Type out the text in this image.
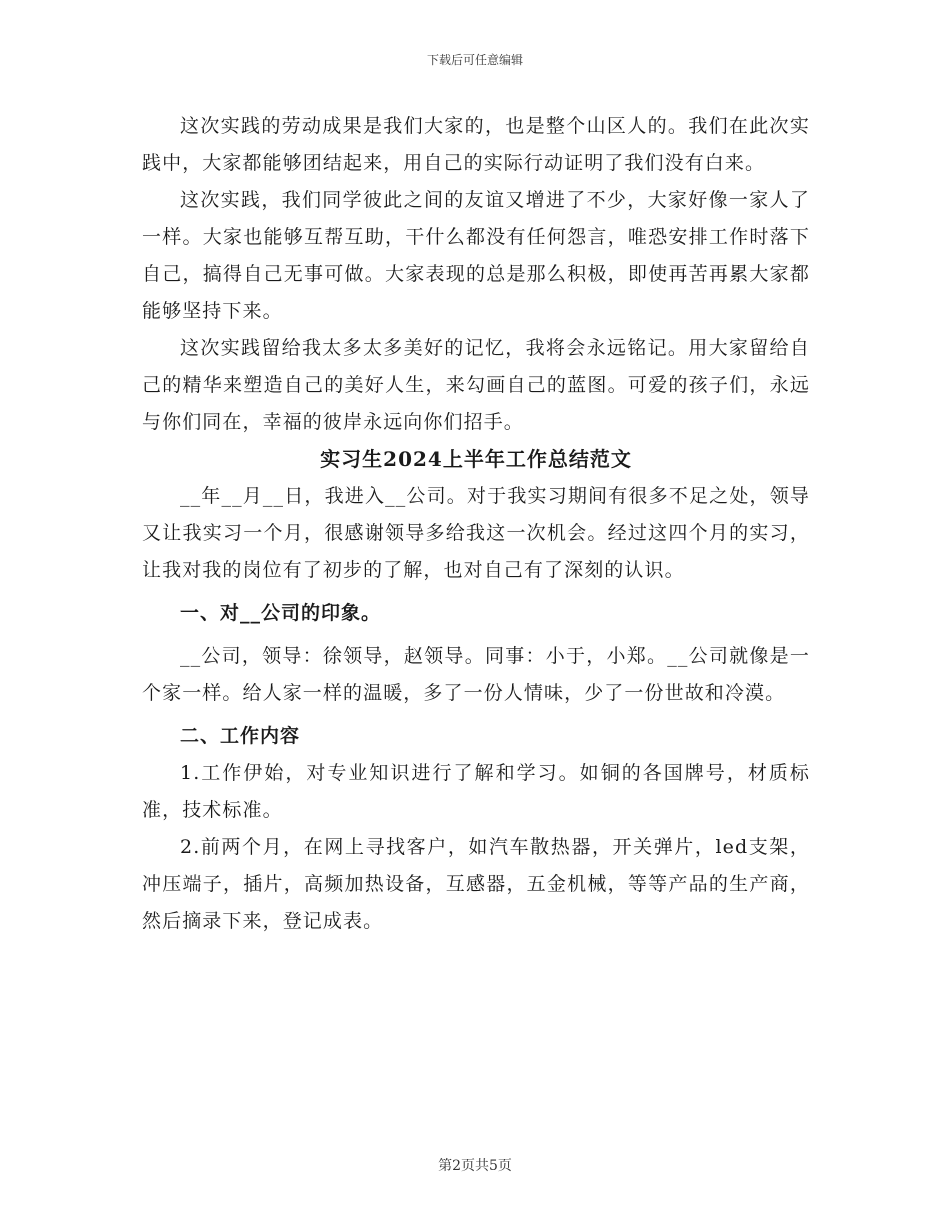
下载后可任意编辑

这次实践的劳动成果是我们大家的，也是整个山区人的。我们在此次实践中，大家都能够团结起来，用自己的实际行动证明了我们没有白来。

这次实践，我们同学彼此之间的友谊又增进了不少，大家好像一家人了一样。大家也能够互帮互助，干什么都没有任何怨言，唯恐安排工作时落下自己，搞得自己无事可做。大家表现的总是那么积极，即使再苦再累大家都能够坚持下来。

这次实践留给我太多太多美好的记忆，我将会永远铭记。用大家留给自己的精华来塑造自己的美好人生，来勾画自己的蓝图。可爱的孩子们，永远与你们同在，幸福的彼岸永远向你们招手。

实习生2024上半年工作总结范文

__年__月__日，我进入__公司。对于我实习期间有很多不足之处，领导又让我实习一个月，很感谢领导多给我这一次机会。经过这四个月的实习，让我对我的岗位有了初步的了解，也对自己有了深刻的认识。

一、对__公司的印象。

__公司，领导：徐领导，赵领导。同事：小于，小郑。__公司就像是一个家一样。给人家一样的温暖，多了一份人情味，少了一份世故和冷漠。

二、工作内容

1.工作伊始，对专业知识进行了解和学习。如铜的各国牌号，材质标准，技术标准。

2.前两个月，在网上寻找客户，如汽车散热器，开关弹片，led支架，冲压端子，插片，高频加热设备，互感器，五金机械，等等产品的生产商，然后摘录下来，登记成表。

第2页共5页
